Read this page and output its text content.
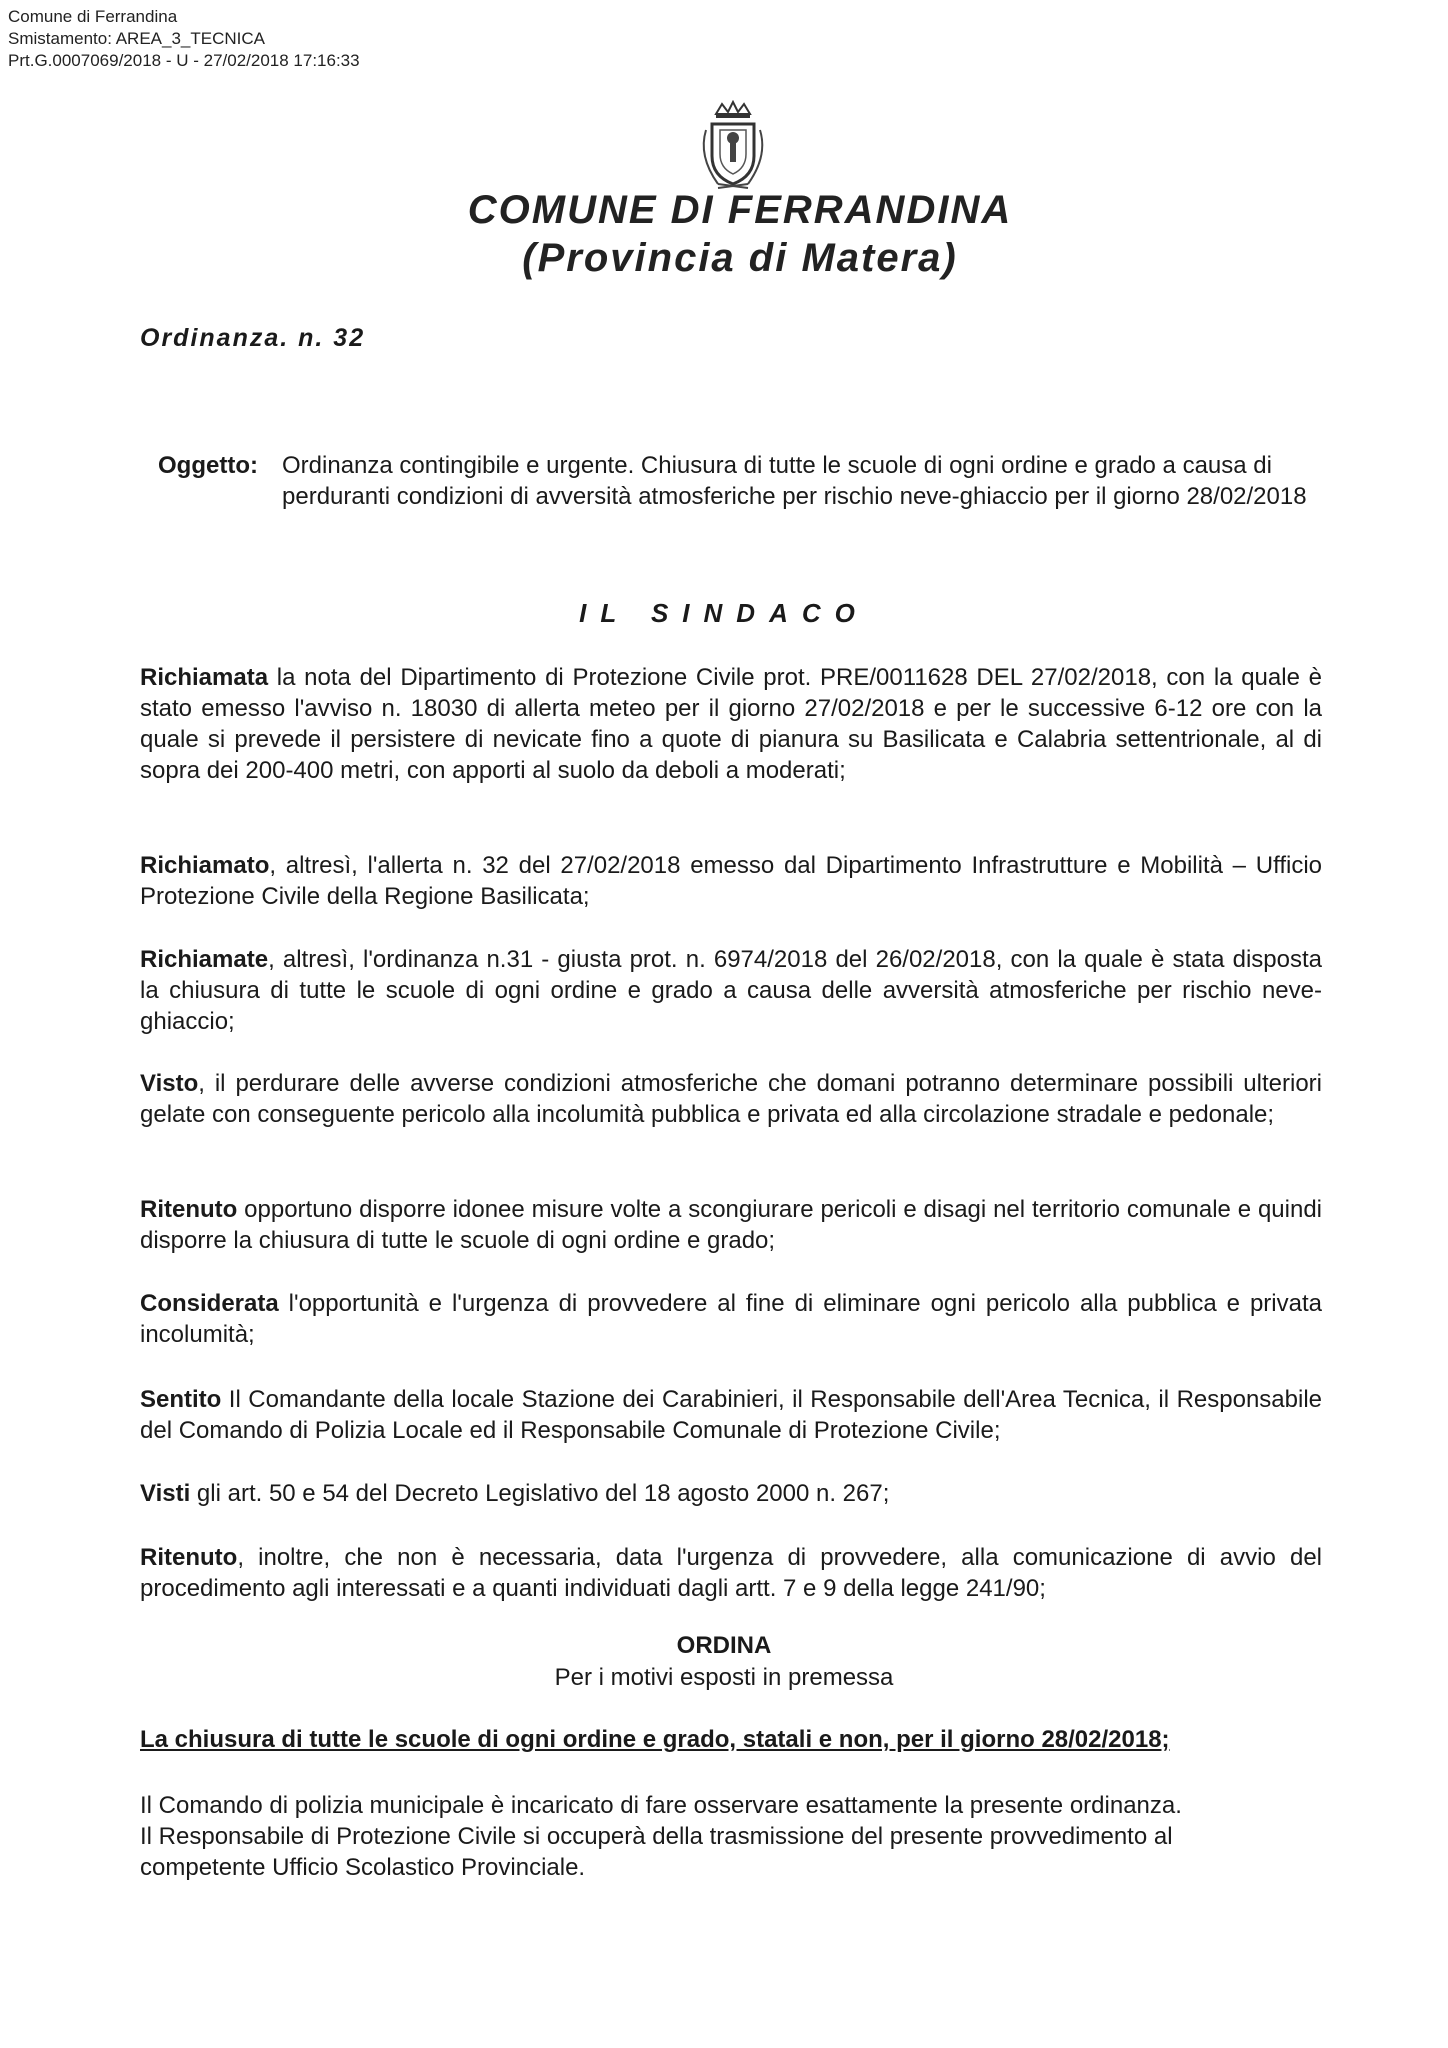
Comune di Ferrandina
Smistamento: AREA_3_TECNICA
Prt.G.0007069/2018 - U - 27/02/2018 17:16:33
COMUNE DI FERRANDINA
(Provincia di Matera)
Ordinanza. n. 32
Oggetto:	Ordinanza contingibile e urgente. Chiusura di tutte le scuole di ogni ordine e grado a causa di perduranti condizioni di avversità atmosferiche per rischio neve-ghiaccio per il giorno 28/02/2018
IL SINDACO
Richiamata la nota del Dipartimento di Protezione Civile prot. PRE/0011628 DEL 27/02/2018, con la quale è stato emesso l'avviso n. 18030 di allerta meteo per il giorno 27/02/2018 e per le successive 6-12 ore con la quale si prevede il persistere di nevicate fino a quote di pianura su Basilicata e Calabria settentrionale, al di sopra dei 200-400 metri, con apporti al suolo da deboli a moderati;
Richiamato, altresì, l'allerta n. 32 del 27/02/2018 emesso dal Dipartimento Infrastrutture e Mobilità – Ufficio Protezione Civile della Regione Basilicata;
Richiamate, altresì, l'ordinanza n.31 - giusta prot. n. 6974/2018 del 26/02/2018, con la quale è stata disposta la chiusura di tutte le scuole di ogni ordine e grado a causa delle avversità atmosferiche per rischio neve-ghiaccio;
Visto, il perdurare delle avverse condizioni atmosferiche che domani potranno determinare possibili ulteriori gelate con conseguente pericolo alla incolumità pubblica e privata ed alla circolazione stradale e pedonale;
Ritenuto opportuno disporre idonee misure volte a scongiurare pericoli e disagi nel territorio comunale e quindi disporre la chiusura di tutte le scuole di ogni ordine e grado;
Considerata l'opportunità e l'urgenza di provvedere al fine di eliminare ogni pericolo alla pubblica e privata incolumità;
Sentito Il Comandante della locale Stazione dei Carabinieri, il Responsabile dell'Area Tecnica, il Responsabile del Comando di Polizia Locale ed il Responsabile Comunale di Protezione Civile;
Visti gli art. 50 e 54 del Decreto Legislativo del 18 agosto 2000 n. 267;
Ritenuto, inoltre, che non è necessaria, data l'urgenza di provvedere, alla comunicazione di avvio del procedimento agli interessati e a quanti individuati dagli artt. 7 e 9 della legge 241/90;
ORDINA
Per i motivi esposti in premessa
La chiusura di tutte le scuole di ogni ordine e grado, statali e non, per il giorno 28/02/2018;
Il Comando di polizia municipale è incaricato di fare osservare esattamente la presente ordinanza.
Il Responsabile di Protezione Civile si occuperà della trasmissione del presente provvedimento al
competente Ufficio Scolastico Provinciale.
